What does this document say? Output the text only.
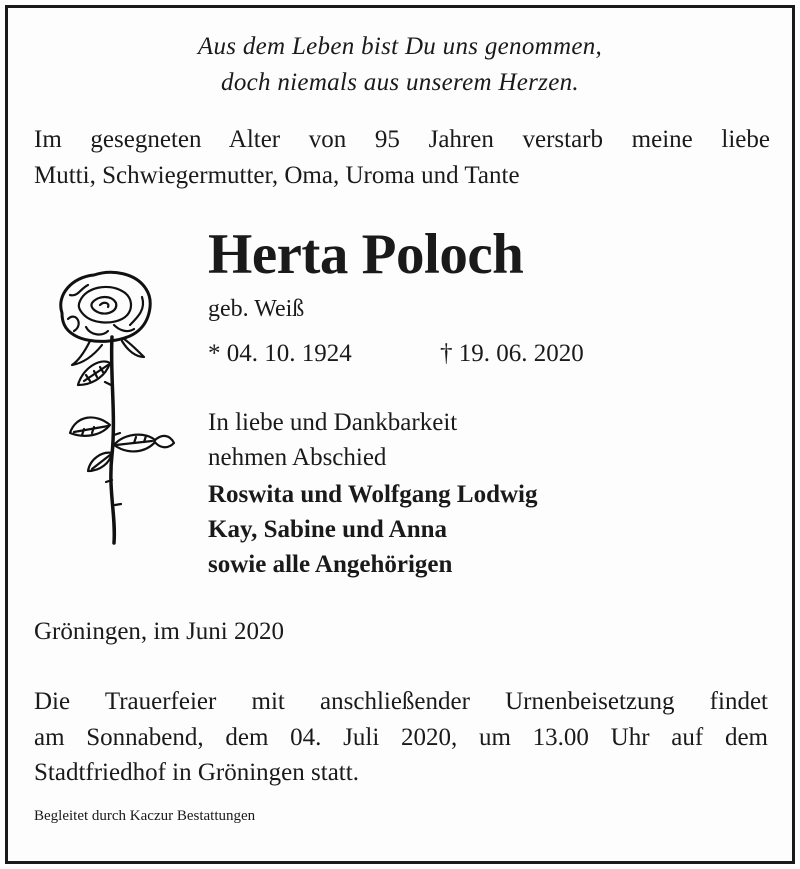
Aus dem Leben bist Du uns genommen,
doch niemals aus unserem Herzen.
Im gesegneten Alter von 95 Jahren verstarb meine liebe
Mutti, Schwiegermutter, Oma, Uroma und Tante
Herta Poloch
geb. Weiß
* 04. 10. 1924	† 19. 06. 2020
In liebe und Dankbarkeit
nehmen Abschied
Roswita und Wolfgang Lodwig
Kay, Sabine und Anna
sowie alle Angehörigen
Gröningen, im Juni 2020
Die Trauerfeier mit anschließender Urnenbeisetzung findet
am Sonnabend, dem 04. Juli 2020, um 13.00 Uhr auf dem
Stadtfriedhof in Gröningen statt.
Begleitet durch Kaczur Bestattungen
